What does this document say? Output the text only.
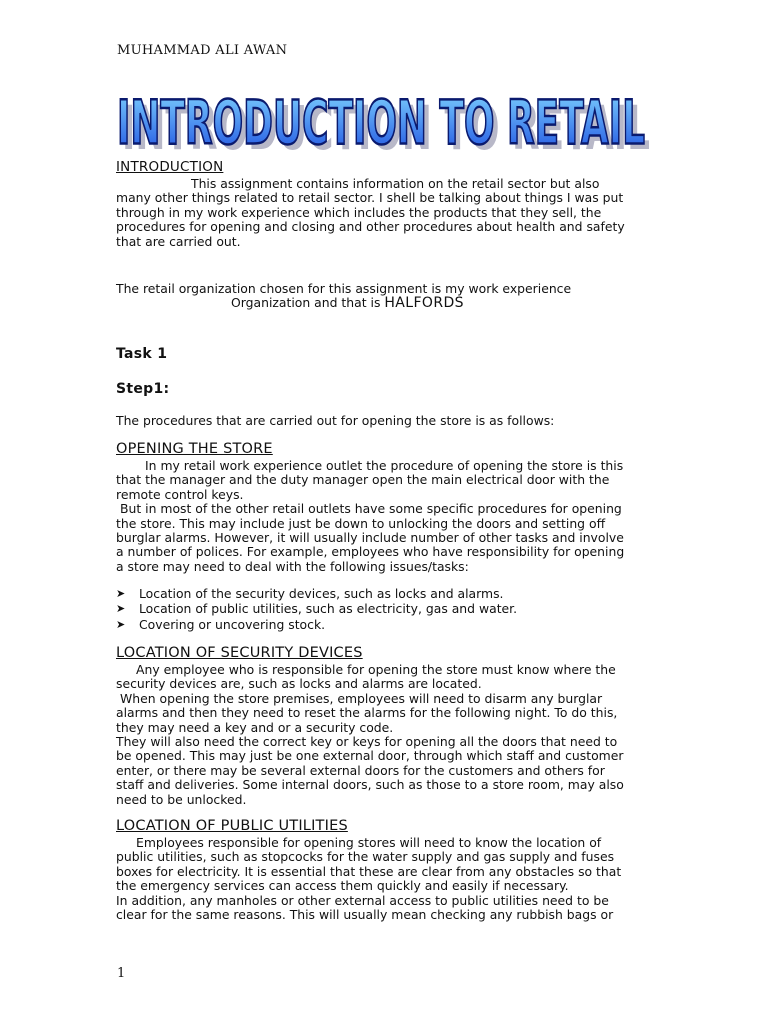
MUHAMMAD ALI AWAN
INTRODUCTION TO RETAIL
INTRODUCTION TO RETAIL
INTRODUCTION
This assignment contains information on the retail sector but also
many other things related to retail sector. I shell be talking about things I was put
through in my work experience which includes the products that they sell, the
procedures for opening and closing and other procedures about health and safety
that are carried out.
The retail organization chosen for this assignment is my work experience
Organization and that is HALFORDS
Task 1
Step1:
The procedures that are carried out for opening the store is as follows:
OPENING THE STORE
In my retail work experience outlet the procedure of opening the store is this
that the manager and the duty manager open the main electrical door with the
remote control keys.
But in most of the other retail outlets have some specific procedures for opening
the store. This may include just be down to unlocking the doors and setting off
burglar alarms. However, it will usually include number of other tasks and involve
a number of polices. For example, employees who have responsibility for opening
a store may need to deal with the following issues/tasks:
➤ Location of the security devices, such as locks and alarms.
➤ Location of public utilities, such as electricity, gas and water.
➤ Covering or uncovering stock.
LOCATION OF SECURITY DEVICES
Any employee who is responsible for opening the store must know where the
security devices are, such as locks and alarms are located.
When opening the store premises, employees will need to disarm any burglar
alarms and then they need to reset the alarms for the following night. To do this,
they may need a key and or a security code.
They will also need the correct key or keys for opening all the doors that need to
be opened. This may just be one external door, through which staff and customer
enter, or there may be several external doors for the customers and others for
staff and deliveries. Some internal doors, such as those to a store room, may also
need to be unlocked.
LOCATION OF PUBLIC UTILITIES
Employees responsible for opening stores will need to know the location of
public utilities, such as stopcocks for the water supply and gas supply and fuses
boxes for electricity. It is essential that these are clear from any obstacles so that
the emergency services can access them quickly and easily if necessary.
In addition, any manholes or other external access to public utilities need to be
clear for the same reasons. This will usually mean checking any rubbish bags or
1
